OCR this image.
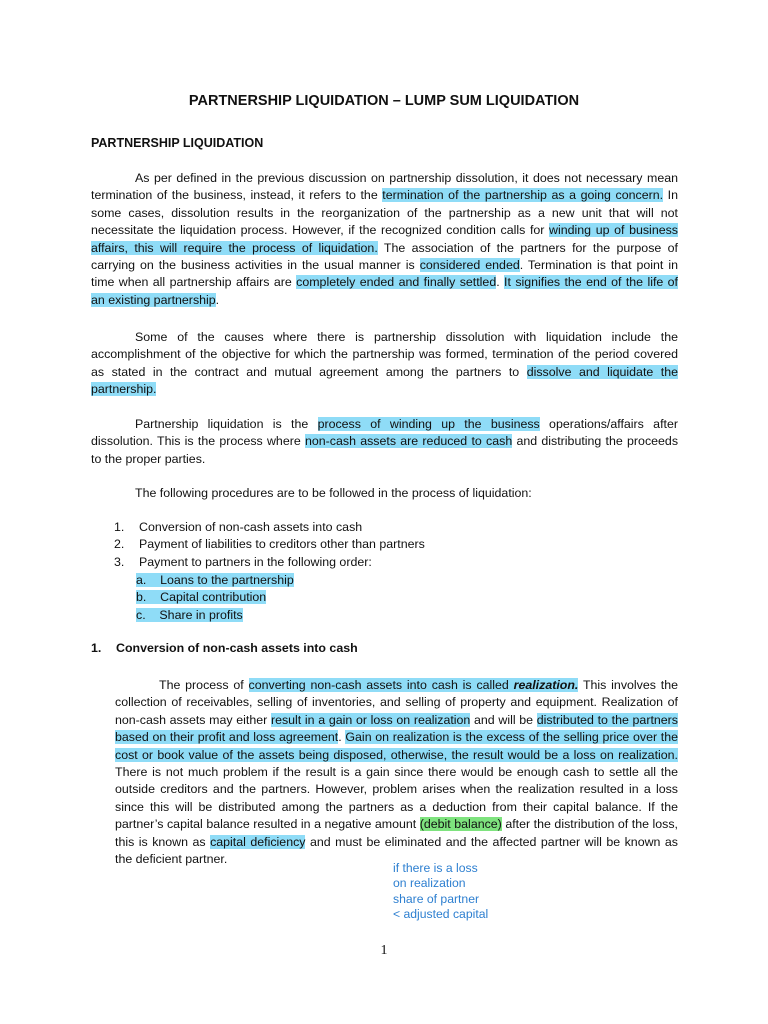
PARTNERSHIP LIQUIDATION – LUMP SUM LIQUIDATION
PARTNERSHIP LIQUIDATION

As per defined in the previous discussion on partnership dissolution, it does not necessary mean termination of the business, instead, it refers to the termination of the partnership as a going concern. In some cases, dissolution results in the reorganization of the partnership as a new unit that will not necessitate the liquidation process. However, if the recognized condition calls for winding up of business affairs, this will require the process of liquidation. The association of the partners for the purpose of carrying on the business activities in the usual manner is considered ended. Termination is that point in time when all partnership affairs are completely ended and finally settled. It signifies the end of the life of an existing partnership.

Some of the causes where there is partnership dissolution with liquidation include the accomplishment of the objective for which the partnership was formed, termination of the period covered as stated in the contract and mutual agreement among the partners to dissolve and liquidate the partnership.

Partnership liquidation is the process of winding up the business operations/affairs after dissolution. This is the process where non-cash assets are reduced to cash and distributing the proceeds to the proper parties.

The following procedures are to be followed in the process of liquidation:

1. Conversion of non-cash assets into cash
2. Payment of liabilities to creditors other than partners
3. Payment to partners in the following order:
a. Loans to the partnership
b. Capital contribution
c. Share in profits
1. Conversion of non-cash assets into cash

The process of converting non-cash assets into cash is called realization. This involves the collection of receivables, selling of inventories, and selling of property and equipment. Realization of non-cash assets may either result in a gain or loss on realization and will be distributed to the partners based on their profit and loss agreement. Gain on realization is the excess of the selling price over the cost or book value of the assets being disposed, otherwise, the result would be a loss on realization. There is not much problem if the result is a gain since there would be enough cash to settle all the outside creditors and the partners. However, problem arises when the realization resulted in a loss since this will be distributed among the partners as a deduction from their capital balance. If the partner’s capital balance resulted in a negative amount (debit balance) after the distribution of the loss, this is known as capital deficiency and must be eliminated and the affected partner will be known as the deficient partner.

if there is a loss
on realization
share of partner
< adjusted capital
1
